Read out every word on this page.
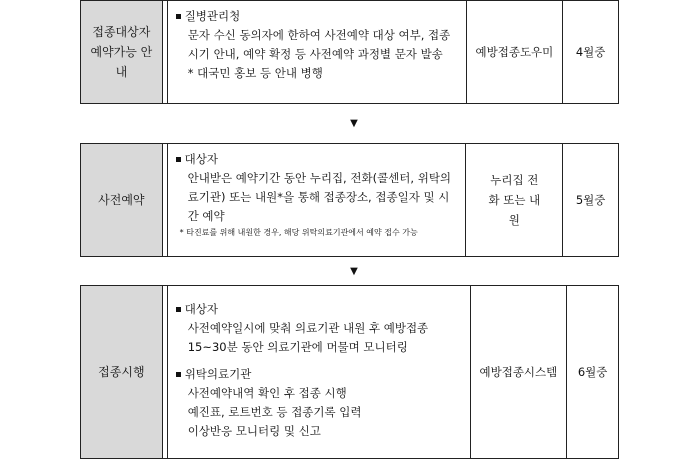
접종대상자 예약가능 안내
질병관리청
문자 수신 동의자에 한하여 사전예약 대상 여부, 접종
시기 안내, 예약 확정 등 사전예약 과정별 문자 발송
* 대국민 홍보 등 안내 병행
예방접종도우미	4월중
▼
사전예약
대상자
안내받은 예약기간 동안 누리집, 전화(콜센터, 위탁의
료기관) 또는 내원*을 통해 접종장소, 접종일자 및 시
간 예약
* 타진료를 위해 내원한 경우, 해당 위탁의료기관에서 예약 접수 가능
누리집 전화 또는 내원
5월중
▼
접종시행
대상자
사전예약일시에 맞춰 의료기관 내원 후 예방접종
15~30분 동안 의료기관에 머물며 모니터링
위탁의료기관
사전예약내역 확인 후 접종 시행
예진표, 로트번호 등 접종기록 입력
이상반응 모니터링 및 신고
예방접종시스템	6월중
